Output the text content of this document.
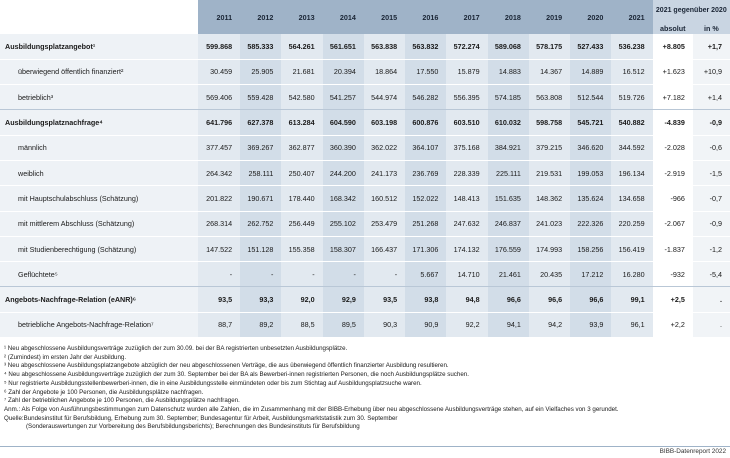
	2011	2012	2013	2014	2015	2016	2017	2018	2019	2020	2021	2021 gegenüber 2020	
												absolut	in %
Ausbildungsplatzangebot¹	599.868	585.333	564.261	561.651	563.838	563.832	572.274	589.068	578.175	527.433	536.238	+8.805	+1,7
überwiegend öffentlich finanziert²	30.459	25.905	21.681	20.394	18.864	17.550	15.879	14.883	14.367	14.889	16.512	+1.623	+10,9
betrieblich³	569.406	559.428	542.580	541.257	544.974	546.282	556.395	574.185	563.808	512.544	519.726	+7.182	+1,4
Ausbildungsplatznachfrage⁴	641.796	627.378	613.284	604.590	603.198	600.876	603.510	610.032	598.758	545.721	540.882	-4.839	-0,9
männlich	377.457	369.267	362.877	360.390	362.022	364.107	375.168	384.921	379.215	346.620	344.592	-2.028	-0,6
weiblich	264.342	258.111	250.407	244.200	241.173	236.769	228.339	225.111	219.531	199.053	196.134	-2.919	-1,5
mit Hauptschulabschluss (Schätzung)	201.822	190.671	178.440	168.342	160.512	152.022	148.413	151.635	148.362	135.624	134.658	-966	-0,7
mit mittlerem Abschluss (Schätzung)	268.314	262.752	256.449	255.102	253.479	251.268	247.632	246.837	241.023	222.326	220.259	-2.067	-0,9
mit Studienberechtigung (Schätzung)	147.522	151.128	155.358	158.307	166.437	171.306	174.132	176.559	174.993	158.256	156.419	-1.837	-1,2
Geflüchtete⁵	-	-	-	-	-	5.667	14.710	21.461	20.435	17.212	16.280	-932	-5,4
Angebots-Nachfrage-Relation (eANR)⁶	93,5	93,3	92,0	92,9	93,5	93,8	94,8	96,6	96,6	96,6	99,1	+2,5	.
betriebliche Angebots-Nachfrage-Relation⁷	88,7	89,2	88,5	89,5	90,3	90,9	92,2	94,1	94,2	93,9	96,1	+2,2	.
¹ Neu abgeschlossene Ausbildungsverträge zuzüglich der zum 30.09. bei der BA registrierten unbesetzten Ausbildungsplätze.
² (Zumindest) im ersten Jahr der Ausbildung.
³ Neu abgeschlossene Ausbildungsplatzangebote abzüglich der neu abgeschlossenen Verträge, die aus überwiegend öffentlich finanzierter Ausbildung resultieren.
⁴ Neu abgeschlossene Ausbildungsverträge zuzüglich der zum 30. September bei der BA als Bewerberi-innen registrierten Personen, die noch Ausbildungsplätze suchen.
⁵ Nur registrierte Ausbildungsstellenbewerberi-innen, die in eine Ausbildungsstelle einmündeten oder bis zum Stichtag auf Ausbildungsplatzsuche waren.
⁶ Zahl der Angebote je 100 Personen, die Ausbildungsplätze nachfragen.
⁷ Zahl der betrieblichen Angebote je 100 Personen, die Ausbildungsplätze nachfragen.
Anm.: Als Folge von Ausführungsbestimmungen zum Datenschutz wurden alle Zahlen, die im Zusammenhang mit der BIBB-Erhebung über neu abgeschlossene Ausbildungsverträge stehen, auf ein Vielfaches von 3 gerundet.
Quelle:Bundesinstitut für Berufsbildung, Erhebung zum 30. September; Bundesagentur für Arbeit, Ausbildungsmarktstatistik zum 30. September
(Sonderauswertungen zur Vorbereitung des Berufsbildungsberichts); Berechnungen des Bundesinstituts für Berufsbildung
BIBB-Datenreport 2022
